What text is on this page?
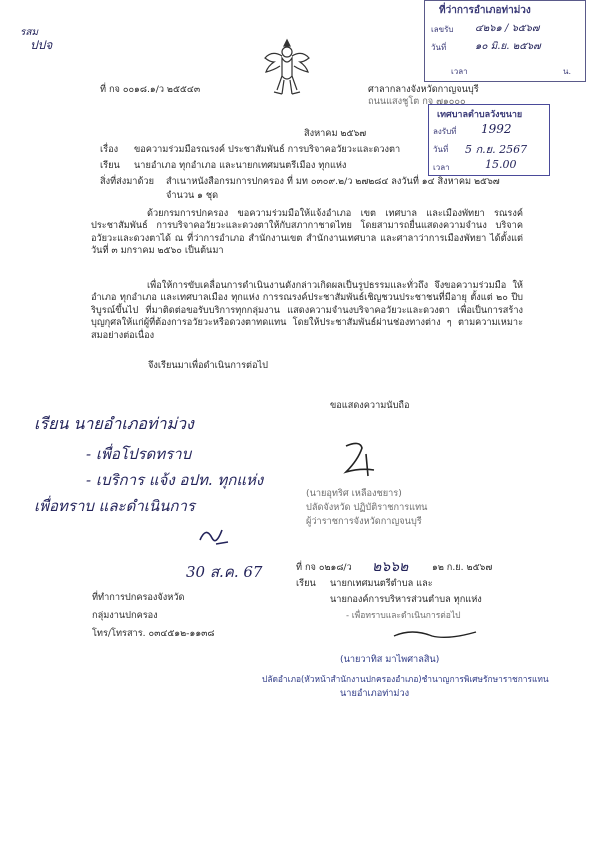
รสม
ปปจ
ที่ว่าการอำเภอท่าม่วง
เลขรับ ๔๒๖๑ / ๖๕๖๗
วันที่	๑๐ มิ.ย. ๒๕๖๗
เวลา	น.
ที่ กจ ๐๐๑๘.๑/ว ๒๕๕๔๓	ศาลากลางจังหวัดกาญจนบุรี
ถนนแสงชูโต กจ ๗๑๐๐๐
เทศบาลตำบลวังขนาย
ลงรับที่ 1992
วันที่ 5 ก.ย. 2567
เวลา	15.00
สิงหาคม ๒๕๖๗
เรื่อง ขอความร่วมมือรณรงค์ ประชาสัมพันธ์ การบริจาคอวัยวะและดวงตา
เรียน นายอำเภอ ทุกอำเภอ และนายกเทศมนตรีเมือง ทุกแห่ง
สิ่งที่ส่งมาด้วย สำเนาหนังสือกรมการปกครอง ที่ มท ๐๓๐๙.๒/ว ๒๗๒๘๔ ลงวันที่ ๑๔ สิงหาคม ๒๕๖๗
จำนวน ๑ ชุด
ด้วยกรมการปกครอง ขอความร่วมมือให้แจ้งอำเภอ เขต เทศบาล และเมืองพัทยา รณรงค์ประชาสัมพันธ์ การบริจาคอวัยวะและดวงตาให้กับสภากาชาดไทย โดยสามารถยื่นแสดงความจำนง บริจาคอวัยวะและดวงตาได้ ณ ที่ว่าการอำเภอ สำนักงานเขต สำนักงานเทศบาล และศาลาว่าการเมืองพัทยา ได้ตั้งแต่วันที่ ๓ มกราคม ๒๕๖๐ เป็นต้นมา
เพื่อให้การขับเคลื่อนการดำเนินงานดังกล่าวเกิดผลเป็นรูปธรรมและทั่วถึง จึงขอความร่วมมือ ให้อำเภอ ทุกอำเภอ และเทศบาลเมือง ทุกแห่ง การรณรงค์ประชาสัมพันธ์เชิญชวนประชาชนที่มีอายุ ตั้งแต่ ๒๐ ปีบริบูรณ์ขึ้นไป ที่มาติดต่อขอรับบริการทุกกลุ่มงาน แสดงความจำนงบริจาคอวัยวะและดวงตา เพื่อเป็นการสร้างบุญกุศลให้แก่ผู้ที่ต้องการอวัยวะหรือดวงตาทดแทน โดยให้ประชาสัมพันธ์ผ่านช่องทางต่าง ๆ ตามความเหมาะสมอย่างต่อเนื่อง
จึงเรียนมาเพื่อดำเนินการต่อไป
ขอแสดงความนับถือ
(นายอุทริศ เหลืองชยาร)
ปลัดจังหวัด ปฏิบัติราชการแทน
ผู้ว่าราชการจังหวัดกาญจนบุรี
เรียน นายอำเภอท่าม่วง
- เพื่อโปรดทราบ
- เบริการ แจ้ง อปท. ทุกแห่ง
เพื่อทราบ และดำเนินการ
30 ส.ค. 67
ที่ทำการปกครองจังหวัด
กลุ่มงานปกครอง
โทร/โทรสาร. ๐๓๔๕๑๒-๑๑๓๘
ที่ กจ ๐๒๑๘/ว ๒๖๖๒	๑๒ ก.ย. ๒๕๖๗
เรียน นายกเทศมนตรีตำบล และ
นายกองค์การบริหารส่วนตำบล ทุกแห่ง
- เพื่อทราบและดำเนินการต่อไป
(นายวาทิส มาไพศาลสิน)
ปลัดอำเภอ(หัวหน้าสำนักงานปกครองอำเภอ)ชำนาญการพิเศษรักษาราชการแทน
นายอำเภอท่าม่วง
